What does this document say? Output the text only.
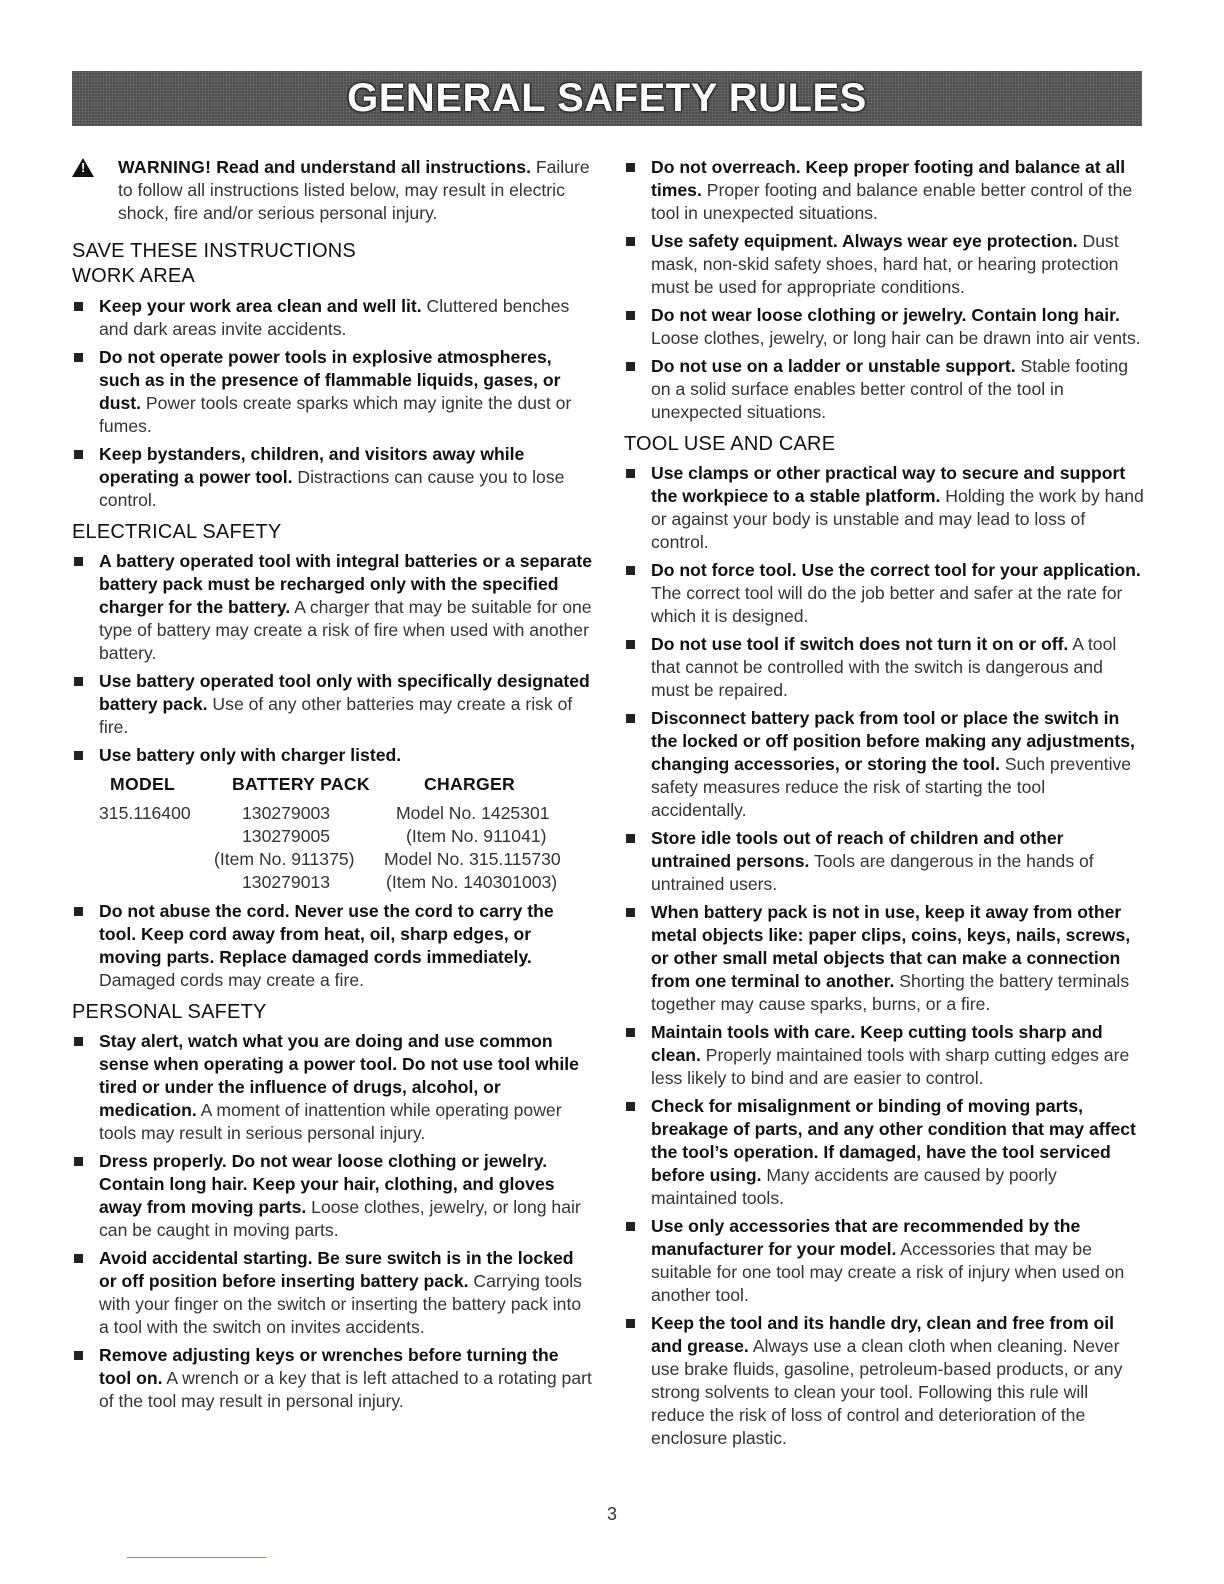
GENERAL SAFETY RULES
!
WARNING! Read and understand all instructions. Failure to follow all instructions listed below, may result in electric shock, fire and/or serious personal injury.
SAVE THESE INSTRUCTIONS
WORK AREA
Keep your work area clean and well lit. Cluttered benches and dark areas invite accidents.
Do not operate power tools in explosive atmospheres, such as in the presence of flammable liquids, gases, or dust. Power tools create sparks which may ignite the dust or fumes.
Keep bystanders, children, and visitors away while operating a power tool. Distractions can cause you to lose control.
ELECTRICAL SAFETY
A battery operated tool with integral batteries or a separate battery pack must be recharged only with the specified charger for the battery. A charger that may be suitable for one type of battery may create a risk of fire when used with another battery.
Use battery operated tool only with specifically designated battery pack. Use of any other batteries may create a risk of fire.
Use battery only with charger listed.
MODEL	BATTERY PACK	CHARGER
315.116400	130279003	Model No. 1425301
	130279005	(Item No. 911041)
	(Item No. 911375)	Model No. 315.115730
	130279013	(Item No. 140301003)
Do not abuse the cord. Never use the cord to carry the tool. Keep cord away from heat, oil, sharp edges, or moving parts. Replace damaged cords immediately. Damaged cords may create a fire.
PERSONAL SAFETY
Stay alert, watch what you are doing and use common sense when operating a power tool. Do not use tool while tired or under the influence of drugs, alcohol, or medication. A moment of inattention while operating power tools may result in serious personal injury.
Dress properly. Do not wear loose clothing or jewelry. Contain long hair. Keep your hair, clothing, and gloves away from moving parts. Loose clothes, jewelry, or long hair can be caught in moving parts.
Avoid accidental starting. Be sure switch is in the locked or off position before inserting battery pack. Carrying tools with your finger on the switch or inserting the battery pack into a tool with the switch on invites accidents.
Remove adjusting keys or wrenches before turning the tool on. A wrench or a key that is left attached to a rotating part of the tool may result in personal injury.
Do not overreach. Keep proper footing and balance at all times. Proper footing and balance enable better control of the tool in unexpected situations.
Use safety equipment. Always wear eye protection. Dust mask, non-skid safety shoes, hard hat, or hearing protection must be used for appropriate conditions.
Do not wear loose clothing or jewelry. Contain long hair. Loose clothes, jewelry, or long hair can be drawn into air vents.
Do not use on a ladder or unstable support. Stable footing on a solid surface enables better control of the tool in unexpected situations.
TOOL USE AND CARE
Use clamps or other practical way to secure and support the workpiece to a stable platform. Holding the work by hand or against your body is unstable and may lead to loss of control.
Do not force tool. Use the correct tool for your application. The correct tool will do the job better and safer at the rate for which it is designed.
Do not use tool if switch does not turn it on or off. A tool that cannot be controlled with the switch is dangerous and must be repaired.
Disconnect battery pack from tool or place the switch in the locked or off position before making any adjustments, changing accessories, or storing the tool. Such preventive safety measures reduce the risk of starting the tool accidentally.
Store idle tools out of reach of children and other untrained persons. Tools are dangerous in the hands of untrained users.
When battery pack is not in use, keep it away from other metal objects like: paper clips, coins, keys, nails, screws, or other small metal objects that can make a connection from one terminal to another. Shorting the battery terminals together may cause sparks, burns, or a fire.
Maintain tools with care. Keep cutting tools sharp and clean. Properly maintained tools with sharp cutting edges are less likely to bind and are easier to control.
Check for misalignment or binding of moving parts, breakage of parts, and any other condition that may affect the tool’s operation. If damaged, have the tool serviced before using. Many accidents are caused by poorly maintained tools.
Use only accessories that are recommended by the manufacturer for your model. Accessories that may be suitable for one tool may create a risk of injury when used on another tool.
Keep the tool and its handle dry, clean and free from oil and grease. Always use a clean cloth when cleaning. Never use brake fluids, gasoline, petroleum-based products, or any strong solvents to clean your tool. Following this rule will reduce the risk of loss of control and deterioration of the enclosure plastic.
3
